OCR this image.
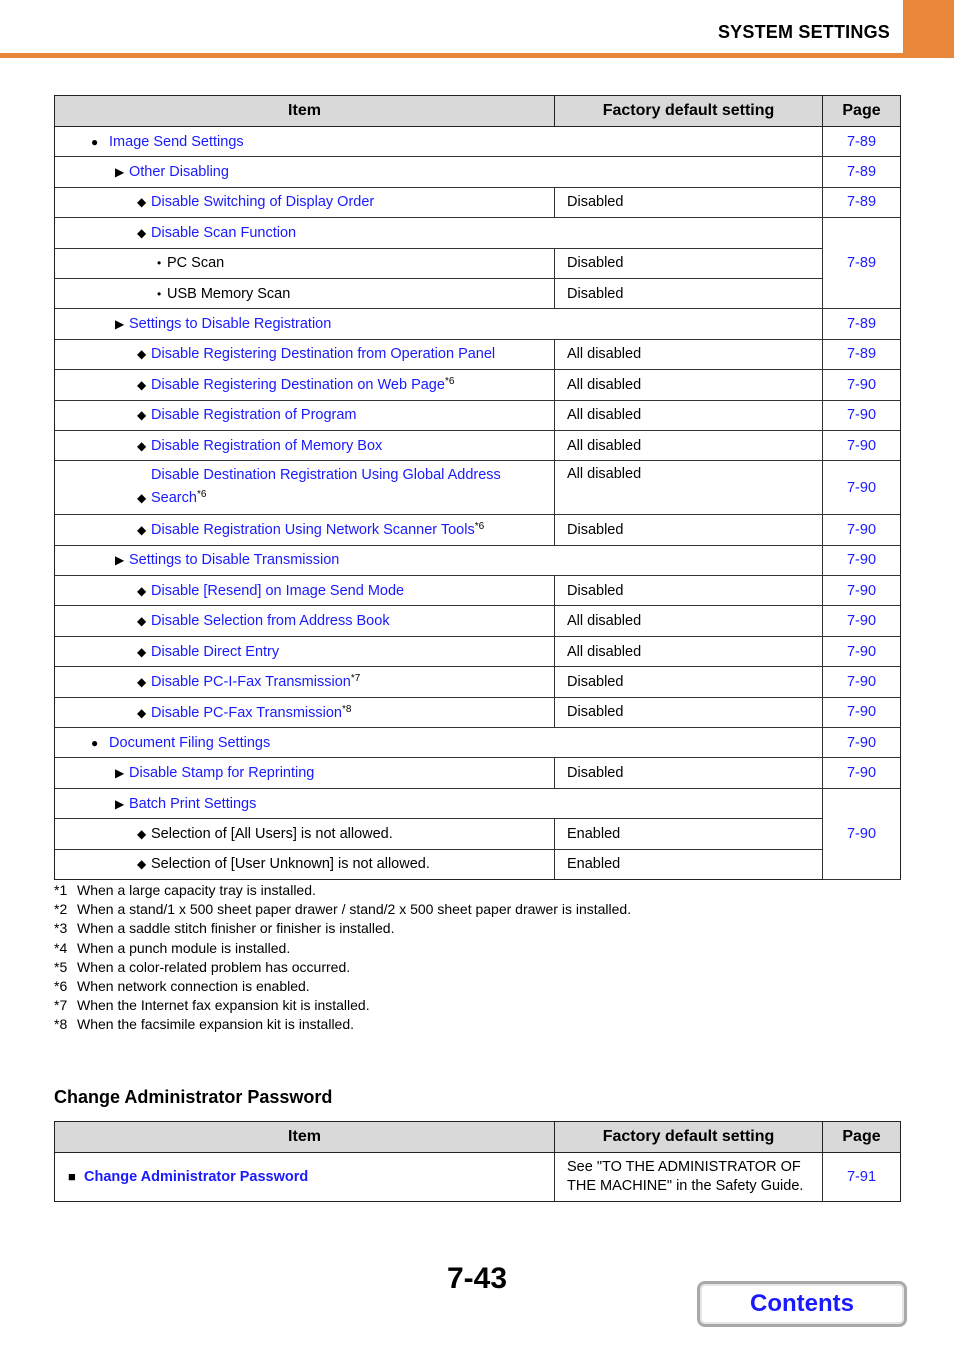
SYSTEM SETTINGS
Item	Factory default setting	Page
● Image Send Settings		7-89
▶ Other Disabling		7-89
◆ Disable Switching of Display Order	Disabled	7-89
◆ Disable Scan Function		7-89
• PC Scan	Disabled	
• USB Memory Scan	Disabled	
▶ Settings to Disable Registration		7-89
◆ Disable Registering Destination from Operation Panel	All disabled	7-89
◆ Disable Registering Destination on Web Page$^{*6}$	All disabled	7-90
◆ Disable Registration of Program	All disabled	7-90
◆ Disable Registration of Memory Box	All disabled	7-90
◆Disable Destination Registration Using Global Address Search$^{*6}$	All disabled	7-90
◆ Disable Registration Using Network Scanner Tools$^{*6}$	Disabled	7-90
▶ Settings to Disable Transmission		7-90
◆ Disable [Resend] on Image Send Mode	Disabled	7-90
◆ Disable Selection from Address Book	All disabled	7-90
◆ Disable Direct Entry	All disabled	7-90
◆ Disable PC-I-Fax Transmission$^{*7}$	Disabled	7-90
◆ Disable PC-Fax Transmission$^{*8}$	Disabled	7-90
● Document Filing Settings		7-90
▶ Disable Stamp for Reprinting	Disabled	7-90
▶ Batch Print Settings		7-90
◆ Selection of [All Users] is not allowed.	Enabled	
◆ Selection of [User Unknown] is not allowed.	Enabled	
*1 When a large capacity tray is installed.
*2 When a stand/1 x 500 sheet paper drawer / stand/2 x 500 sheet paper drawer is installed.
*3 When a saddle stitch finisher or finisher is installed.
*4 When a punch module is installed.
*5 When a color-related problem has occurred.
*6 When network connection is enabled.
*7 When the Internet fax expansion kit is installed.
*8 When the facsimile expansion kit is installed.
Change Administrator Password
Item	Factory default setting	Page
■ Change Administrator Password	See "TO THE ADMINISTRATOR OF
THE MACHINE" in the Safety Guide.	7-91
7-43
Contents
